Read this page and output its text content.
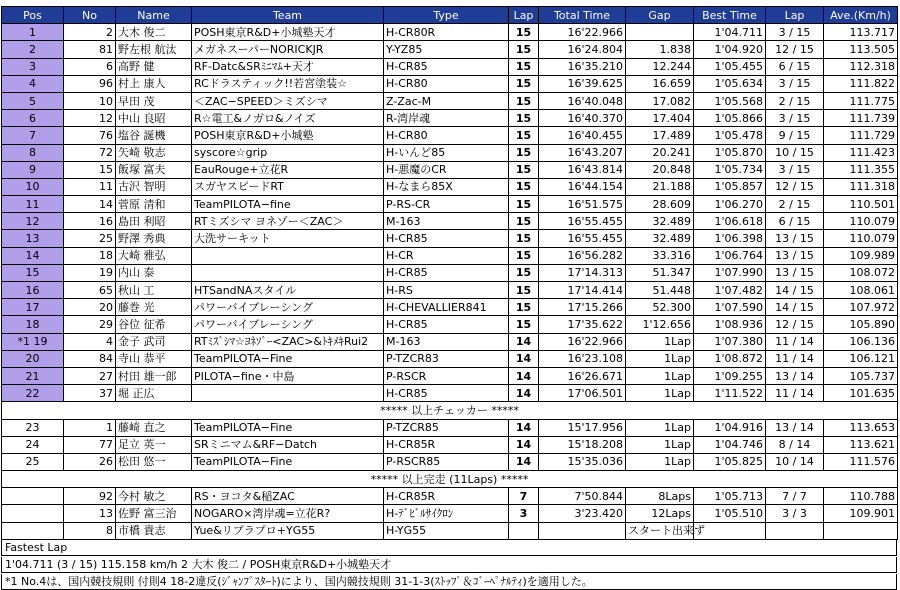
Pos	No	Name	Team	Type	Lap	Total Time	Gap	Best Time	Lap	Ave.(Km/h)
1	2	大木 俊二	POSH東京R&D+小城塾天才	H-CR80R	15	16'22.966		1'04.711	3 / 15	113.717
2	81	野左根 航汰	メガネスーパーNORICKJR	Y-YZ85	15	16'24.804	1.838	1'04.920	12 / 15	113.505
3	6	高野 健	RF-Datc&SRﾐﾆﾏﾑ+天才	H-CR85	15	16'35.210	12.244	1'05.455	6 / 15	112.318
4	96	村上 康人	RCドラスティック!!若宮塗装☆	H-CR80	15	16'39.625	16.659	1'05.634	3 / 15	111.822
5	10	早田 茂	＜ZAC−SPEED＞ミズシマ	Z-Zac-M	15	16'40.048	17.082	1'05.568	2 / 15	111.775
6	12	中山 良昭	R☆電工&ノガロ&ノイズ	R-湾岸魂	15	16'40.370	17.404	1'05.866	3 / 15	111.739
7	76	塩谷 誕機	POSH東京R&D+小城塾	H-CR80	15	16'40.455	17.489	1'05.478	9 / 15	111.729
8	72	矢崎 敬志	syscore☆grip	H-いんど85	15	16'43.207	20.241	1'05.870	10 / 15	111.423
9	15	飯塚 富夫	EauRouge+立花R	H-悪魔のCR	15	16'43.814	20.848	1'05.734	3 / 15	111.355
10	11	古沢 智明	スガヤスピードRT	H-なまら85X	15	16'44.154	21.188	1'05.857	12 / 15	111.318
11	14	菅原 清和	TeamPILOTA−fine	P-RS-CR	15	16'51.575	28.609	1'06.270	2 / 15	110.501
12	16	島田 利昭	RTミズシマ ヨネゾー＜ZAC＞	M-163	15	16'55.455	32.489	1'06.618	6 / 15	110.079
13	25	野澤 秀典	大洗サーキット	H-CR85	15	16'55.455	32.489	1'06.398	13 / 15	110.079
14	18	大崎 雅弘		H-CR	15	16'56.282	33.316	1'06.764	13 / 15	109.989
15	19	内山 泰		H-CR85	15	17'14.313	51.347	1'07.990	13 / 15	108.072
16	65	秋山 工	HTSandNAスタイル	H-RS	15	17'14.414	51.448	1'07.482	14 / 15	108.061
17	20	藤巻 光	パワーバイブレーシング	H-CHEVALLIER841	15	17'15.266	52.300	1'07.590	14 / 15	107.972
18	29	谷位 征希	パワーバイブレーシング	H-CR85	15	17'35.622	1'12.656	1'08.936	12 / 15	105.890
*1 19	4	金子 武司	RTﾐｽﾞｼﾏ☆ﾖﾈｿﾞｰ<ZAC>&ﾄｷﾒｷRui2	M-163	14	16'22.966	1Lap	1'07.380	11 / 14	106.136
20	84	寺山 恭平	TeamPILOTA−Fine	P-TZCR83	14	16'23.108	1Lap	1'08.872	11 / 14	106.121
21	27	村田 雄一郎	PILOTA−fine・中島	P-RSCR	14	16'26.671	1Lap	1'09.255	13 / 14	105.737
22	37	堀 正広		H-CR85	14	17'06.501	1Lap	1'11.522	11 / 14	101.635
***** 以上チェッカー *****										
23	1	藤崎 直之	TeamPILOTA−Fine	P-TZCR85	14	15'17.956	1Lap	1'04.916	13 / 14	113.653
24	77	足立 英一	SRミニマム&RF−Datch	H-CR85R	14	15'18.208	1Lap	1'04.746	8 / 14	113.621
25	26	松田 悠一	TeamPILOTA−Fine	P-RSCR85	14	15'35.036	1Lap	1'05.825	10 / 14	111.576
***** 以上完走 (11Laps) *****										
	92	今村 敏之	RS・ヨコタ&稲ZAC	H-CR85R	7	7'50.844	8Laps	1'05.713	7 / 7	110.788
	13	佐野 富三治	NOGARO×湾岸魂=立花R?	H-ﾃﾞﾋﾞﾙｻｲｸﾛﾝ	3	3'23.420	12Laps	1'05.510	3 / 3	109.901
	8	市橋 貴志	Yue&リプラプロ+YG55	H-YG55			スタート出来ず			
Fastest Lap
1'04.711 (3 / 15) 115.158 km/h 2 大木 俊二 / POSH東京R&D+小城塾天才
*1 No.4は、国内競技規則 付則4 18-2違反(ｼﾞｬﾝﾌﾟｽﾀｰﾄ)により、国内競技規則 31-1-3(ｽﾄｯﾌﾟ＆ｺﾞｰﾍﾟﾅﾙﾃｨ)を適用した。
